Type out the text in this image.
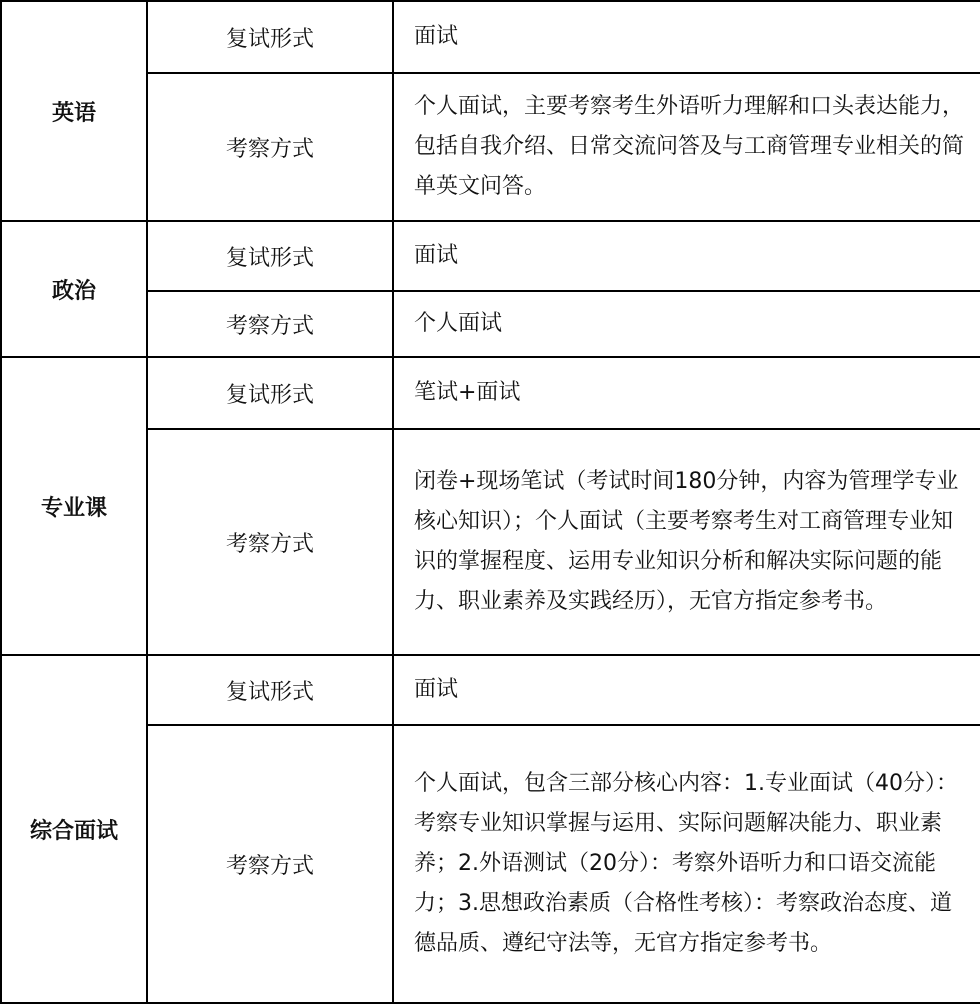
英语	复试形式	面试
	考察方式	个人面试，主要考察考生外语听力理解和口头表达能力，包括自我介绍、日常交流问答及与工商管理专业相关的简单英文问答。
政治	复试形式	面试
	考察方式	个人面试
专业课	复试形式	笔试+面试
	考察方式	闭卷+现场笔试（考试时间180分钟，内容为管理学专业核心知识）；个人面试（主要考察考生对工商管理专业知识的掌握程度、运用专业知识分析和解决实际问题的能力、职业素养及实践经历），无官方指定参考书。
综合面试	复试形式	面试
	考察方式	个人面试，包含三部分核心内容：1.专业面试（40分）：考察专业知识掌握与运用、实际问题解决能力、职业素养；2.外语测试（20分）：考察外语听力和口语交流能力；3.思想政治素质（合格性考核）：考察政治态度、道德品质、遵纪守法等，无官方指定参考书。
